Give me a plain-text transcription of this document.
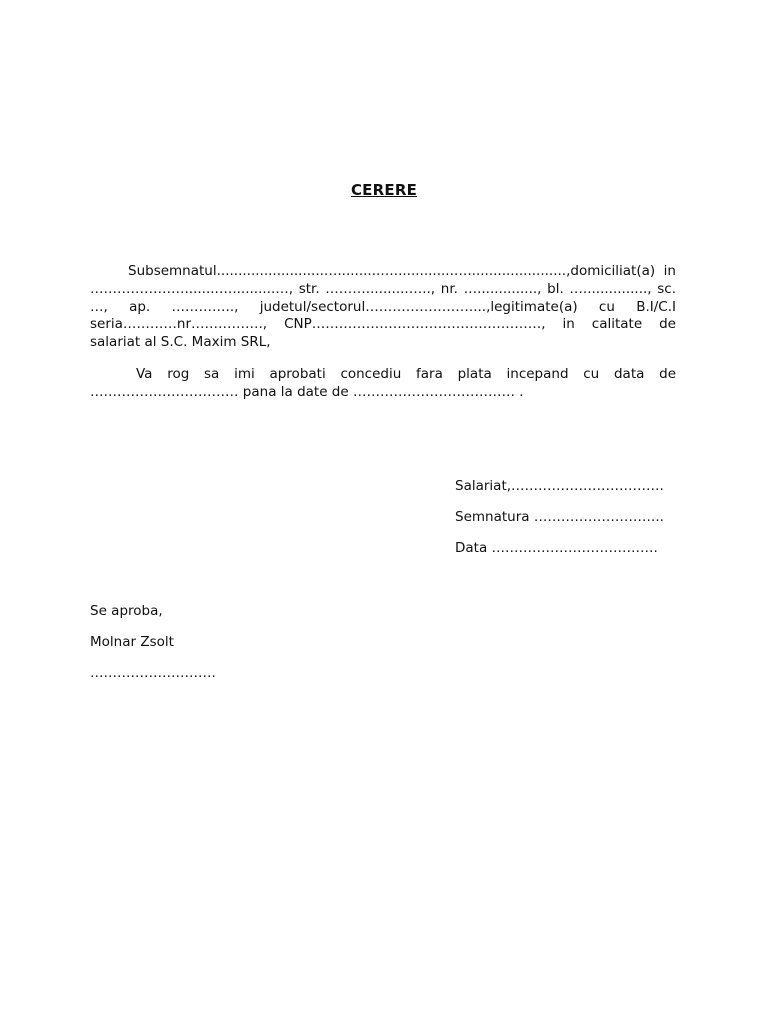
CERERE

Subsemnatul.........................…..........…..............….......................,domiciliat(a) in …………………........…..........…, str. ………..........….., nr. ….............., bl. …..............., sc. …, ap. ………….., judetul/sectorul……………………...,legitimate(a) cu B.I/C.I seria…………nr……………., CNP……………………………………………, in calitate de salariat al S.C. Maxim SRL,

Va rog sa imi aprobati concediu fara plata incepand cu data de …………………………… pana la date de ……………………………… .

Salariat,…………………………….
Semnatura ………………………..
Data ……………………………….
Se aproba,
Molnar Zsolt
……………………….
